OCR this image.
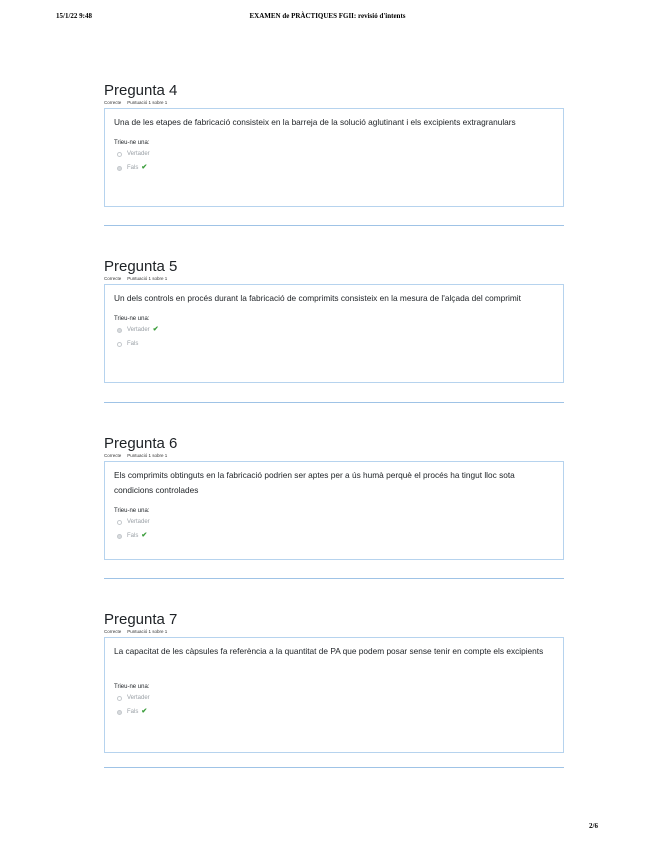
15/1/22 9:48	EXAMEN de PRÀCTIQUES FGII: revisió d'intents
Pregunta 4
Correcte Puntuació 1 sobre 1
Una de les etapes de fabricació consisteix en la barreja de la solució aglutinant i els excipients extragranulars
Trieu-ne una:
Vertader
Fals ✔
Pregunta 5
Correcte Puntuació 1 sobre 1
Un dels controls en procés durant la fabricació de comprimits consisteix en la mesura de l'alçada del comprimit
Trieu-ne una:
Vertader ✔
Fals
Pregunta 6
Correcte Puntuació 1 sobre 1
Els comprimits obtinguts en la fabricació podrien ser aptes per a ús humà perquè el procés ha tingut lloc sota condicions controlades
Trieu-ne una:
Vertader
Fals ✔
Pregunta 7
Correcte Puntuació 1 sobre 1
La capacitat de les càpsules fa referència a la quantitat de PA que podem posar sense tenir en compte els excipients
Trieu-ne una:
Vertader
Fals ✔
2/6
